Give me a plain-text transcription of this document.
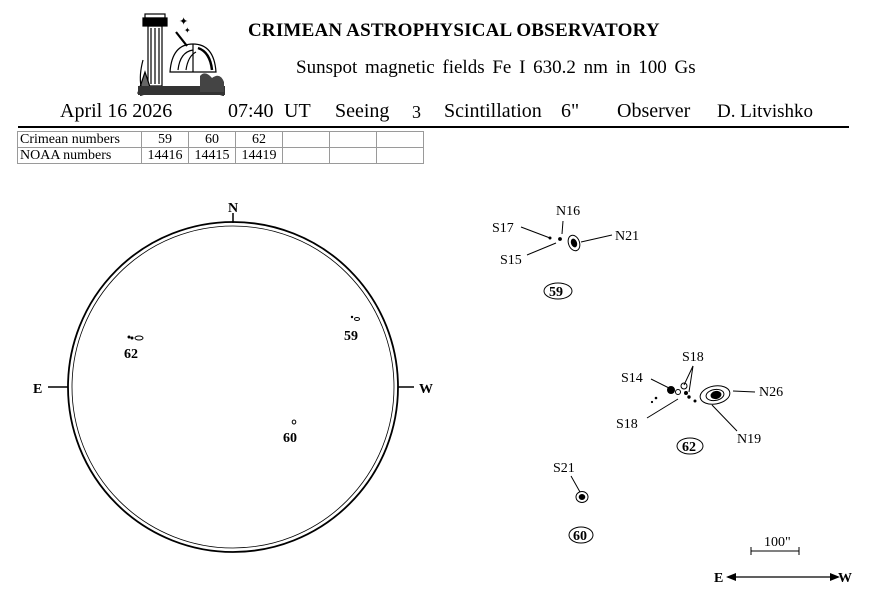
CRIMEAN ASTROPHYSICAL OBSERVATORY
Sunspot magnetic fields Fe I 630.2 nm in 100 Gs
April 16 2026	07:40 UT Seeing 3 Scintillation 6" Observer D. Litvishko
Crimean numbers	59	60	62			
NOAA numbers	14416	14415	14419			
✦
✦
N
E	W
62
59
60
N16
S17
N21
S15
59
S18
S14
N26
S18
N19
62
S21
60	100"
E	W
